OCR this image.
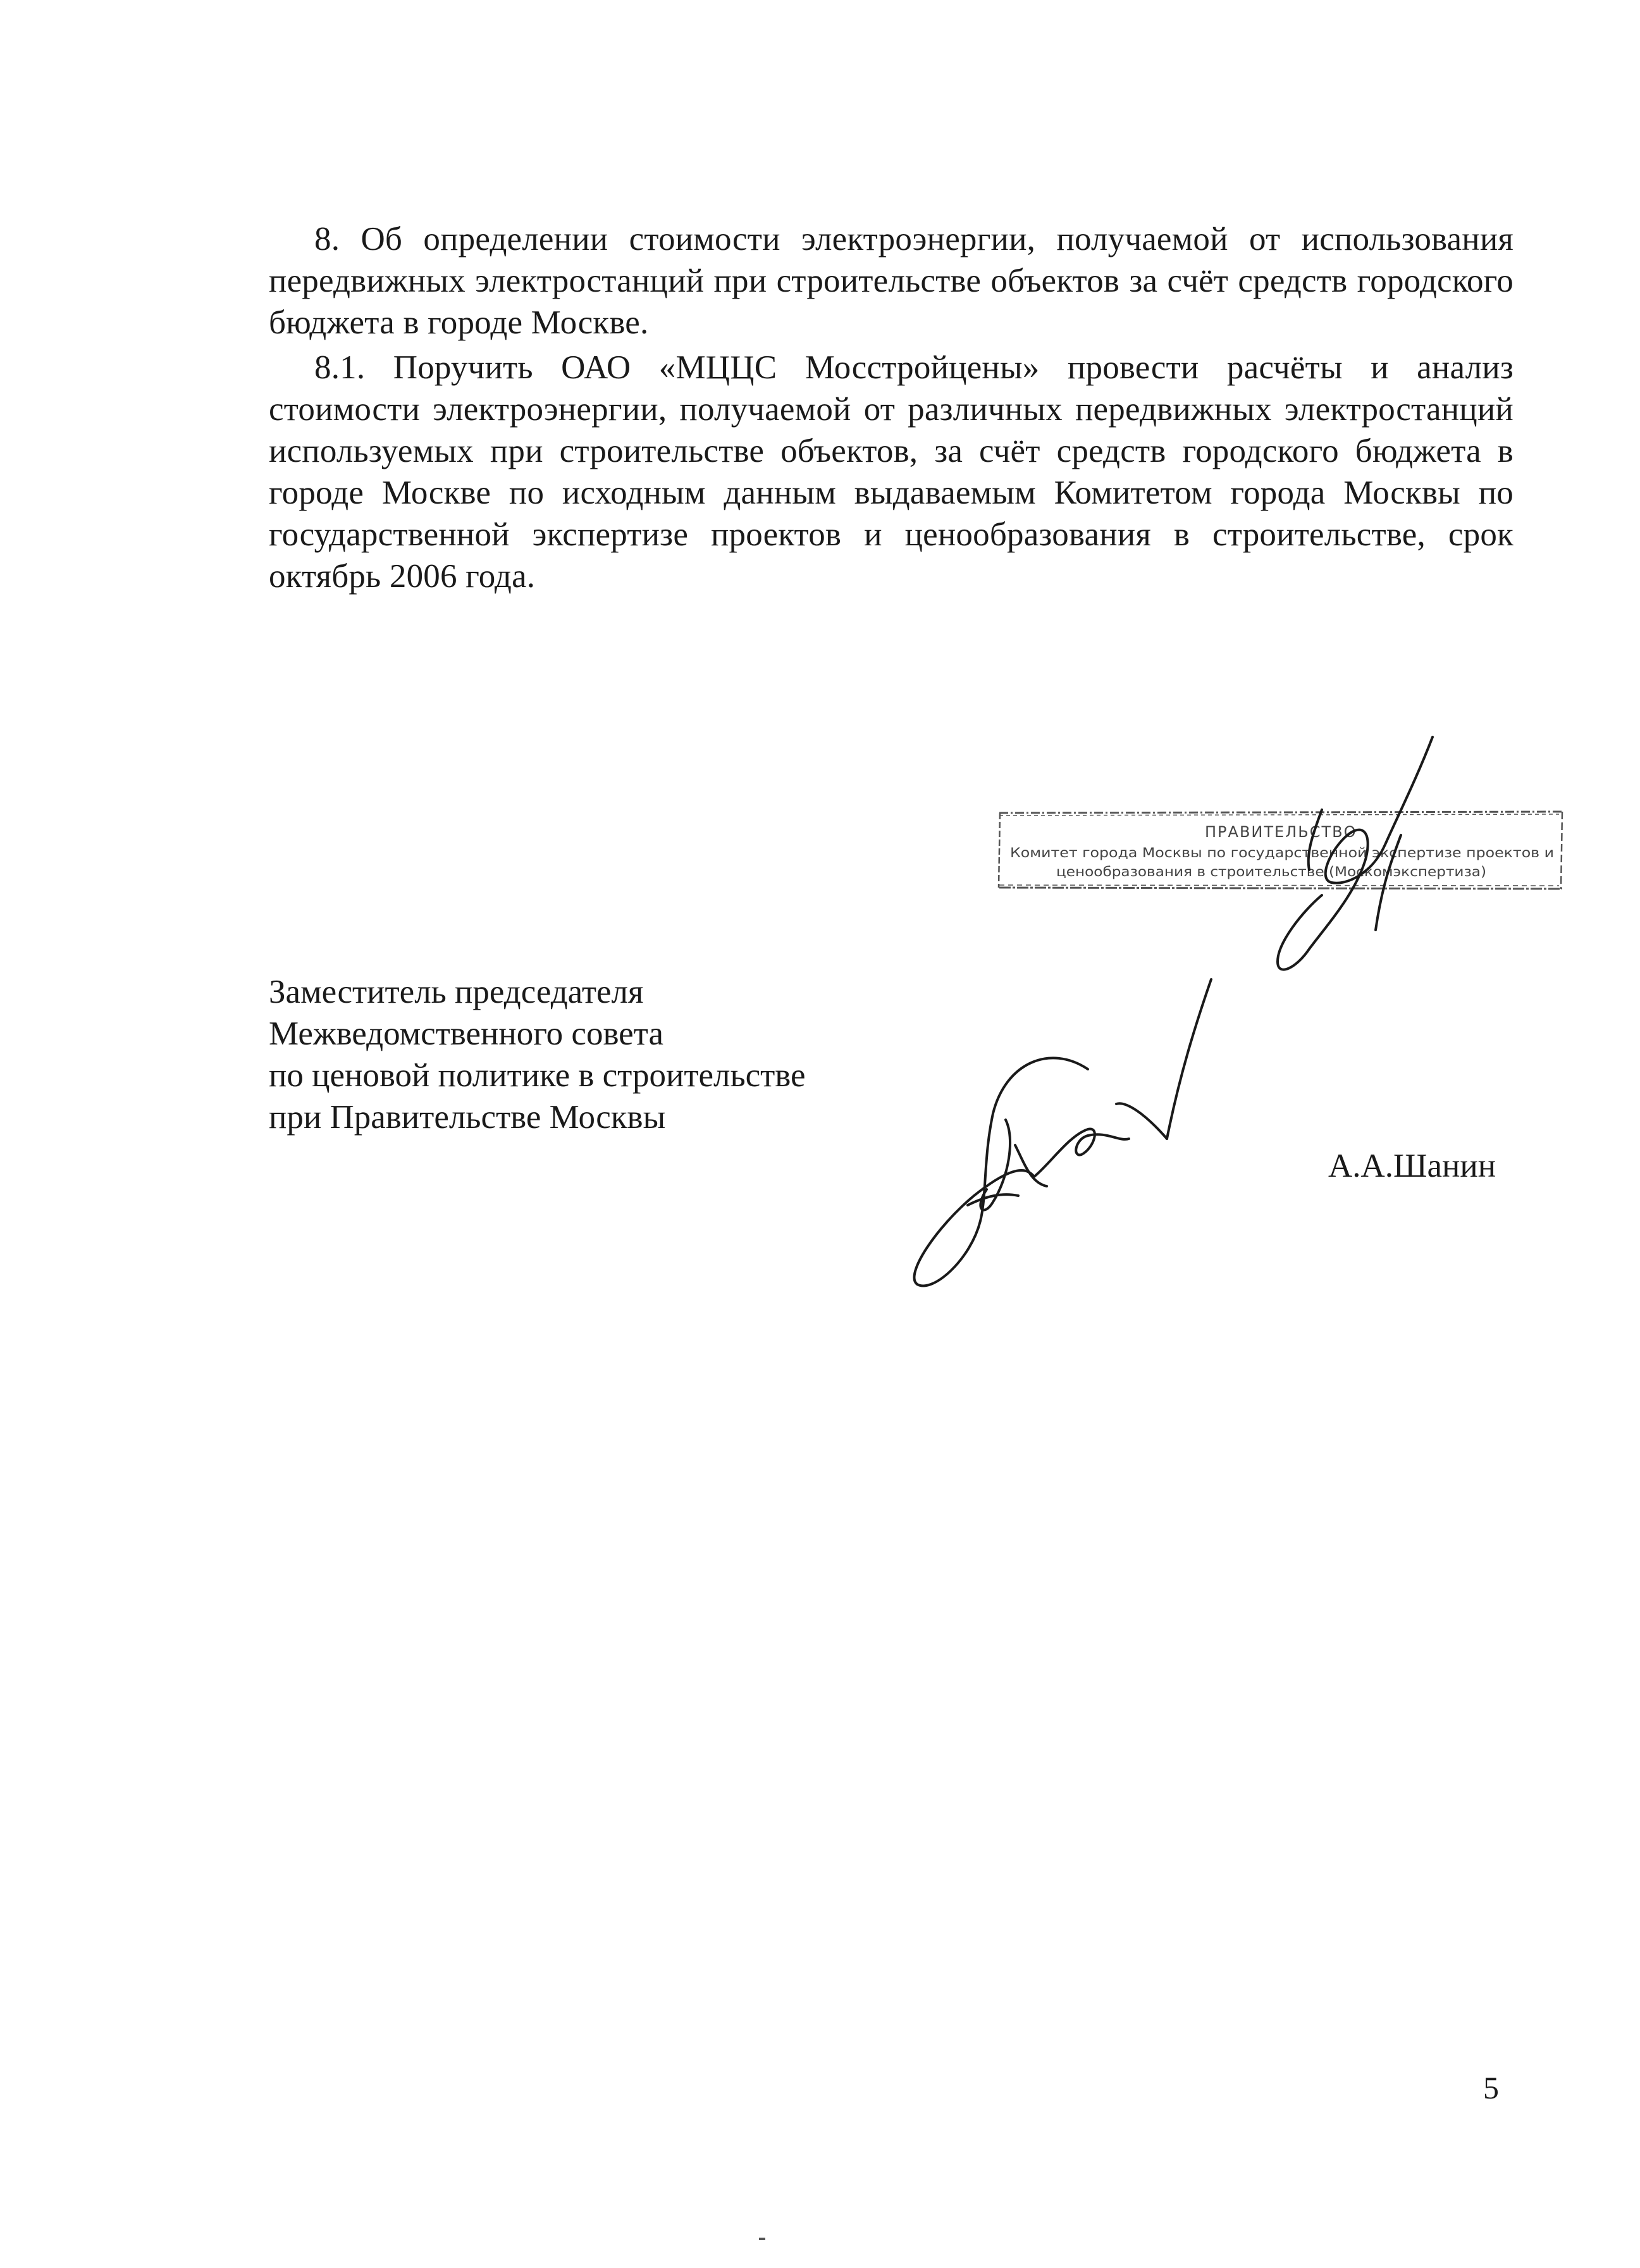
8. Об определении стоимости электроэнергии, получаемой от использования передвижных электростанций при строительстве объектов за счёт средств городского бюджета в городе Москве.

8.1. Поручить ОАО «МЦЦС Мосстройцены» провести расчёты и анализ стоимости электроэнергии, получаемой от различных передвижных электростанций используемых при строительстве объектов, за счёт средств городского бюджета в городе Москве по исходным данным выдаваемым Комитетом города Москвы по государственной экспертизе проектов и ценообразования в строительстве, срок октябрь 2006 года.

ПРАВИТЕЛЬСТВО
Комитет города Москвы по государственной экспертизе проектов и
ценообразования в строительстве (Москомэкспертиза)
Заместитель председателя
Межведомственного совета
по ценовой политике в строительстве
при Правительстве Москвы
А.А.Шанин
5
